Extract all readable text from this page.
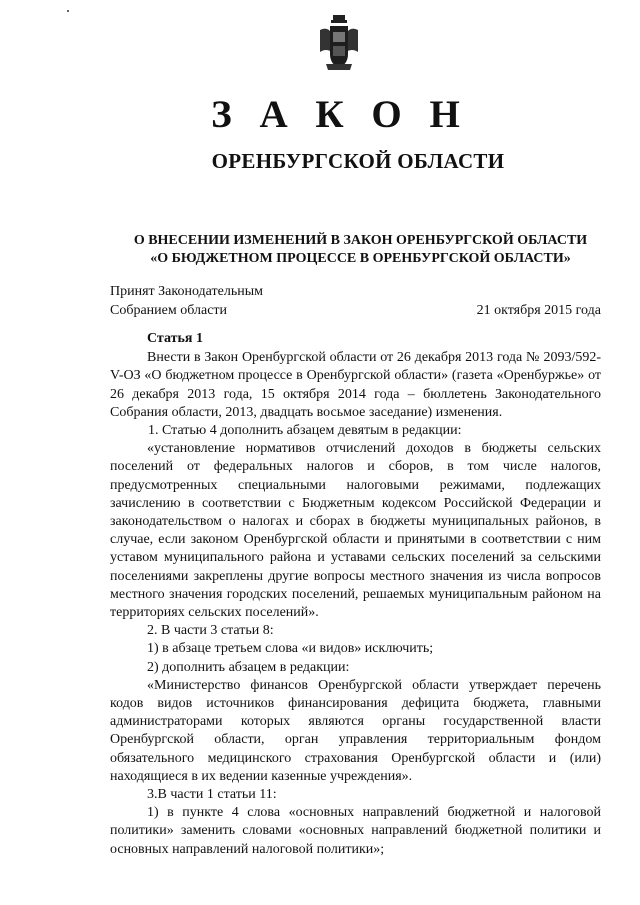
З А К О Н
ОРЕНБУРГСКОЙ ОБЛАСТИ
О ВНЕСЕНИИ ИЗМЕНЕНИЙ В ЗАКОН ОРЕНБУРГСКОЙ ОБЛАСТИ
«О БЮДЖЕТНОМ ПРОЦЕССЕ В ОРЕНБУРГСКОЙ ОБЛАСТИ»
Принят Законодательным
Собранием области	21 октября 2015 года

Статья 1

Внести в Закон Оренбургской области от 26 декабря 2013 года № 2093/592-V-ОЗ «О бюджетном процессе в Оренбургской области» (газета «Оренбуржье» от 26 декабря 2013 года, 15 октября 2014 года – бюллетень Законодательного Собрания области, 2013, двадцать восьмое заседание) изменения.

1. Статью 4 дополнить абзацем девятым в редакции:

«установление нормативов отчислений доходов в бюджеты сельских поселений от федеральных налогов и сборов, в том числе налогов, предусмотренных специальными налоговыми режимами, подлежащих зачислению в соответствии с Бюджетным кодексом Российской Федерации и законодательством о налогах и сборах в бюджеты муниципальных районов, в случае, если законом Оренбургской области и принятыми в соответствии с ним уставом муниципального района и уставами сельских поселений за сельскими поселениями закреплены другие вопросы местного значения из числа вопросов местного значения городских поселений, решаемых муниципальным районом на территориях сельских поселений».

2. В части 3 статьи 8:

1) в абзаце третьем слова «и видов» исключить;

2) дополнить абзацем в редакции:

«Министерство финансов Оренбургской области утверждает перечень кодов видов источников финансирования дефицита бюджета, главными администраторами которых являются органы государственной власти Оренбургской области, орган управления территориальным фондом обязательного медицинского страхования Оренбургской области и (или) находящиеся в их ведении казенные учреждения».

3.В части 1 статьи 11:

1) в пункте 4 слова «основных направлений бюджетной и налоговой политики» заменить словами «основных направлений бюджетной политики и основных направлений налоговой политики»;
